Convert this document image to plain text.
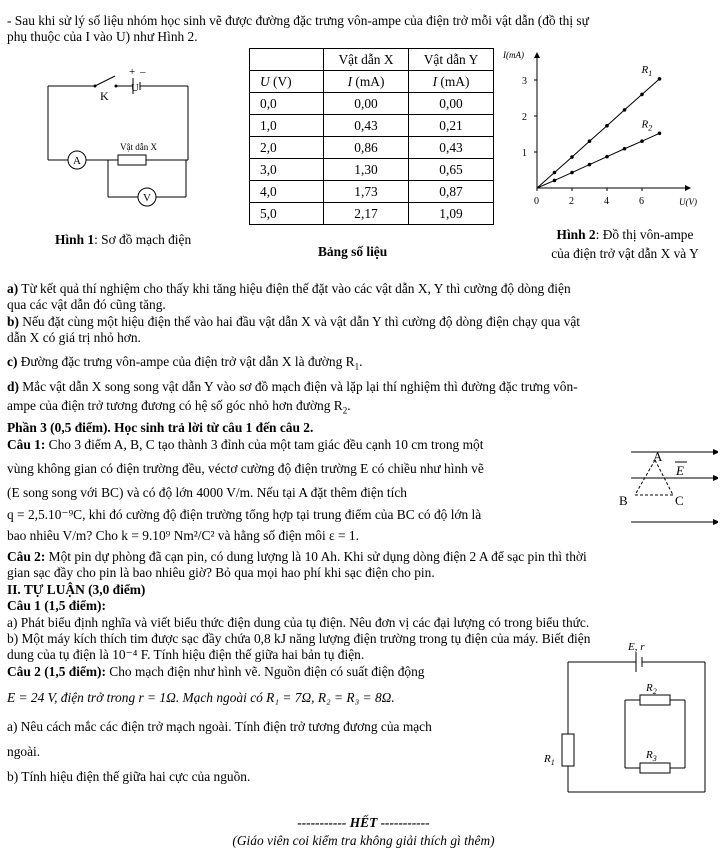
- Sau khi sử lý số liệu nhóm học sinh vẽ được đường đặc trưng vôn-ampe của điện trở mỗi vật dẫn (đồ thị sự
phụ thuộc của I vào U) như Hình 2.
K
+ –
U
Vật dẫn X
A
V
Hình 1: Sơ đồ mạch điện
	Vật dẫn X	Vật dẫn Y
U (V)	I (mA)	I (mA)
0,0	0,00	0,00
1,0	0,43	0,21
2,0	0,86	0,43
3,0	1,30	0,65
4,0	1,73	0,87
5,0	2,17	1,09
Bảng số liệu
I(mA)
U(V)
0	2	4	6
1
2
3
$R_1$
$R_2$
Hình 2: Đồ thị vôn-ampe
của điện trở vật dẫn X và Y
a) Từ kết quả thí nghiệm cho thấy khi tăng hiệu điện thế đặt vào các vật dẫn X, Y thì cường độ dòng điện
qua các vật dẫn đó cũng tăng.
b) Nếu đặt cùng một hiệu điện thế vào hai đầu vật dẫn X và vật dẫn Y thì cường độ dòng điện chạy qua vật
dẫn X có giá trị nhỏ hơn.
c) Đường đặc trưng vôn-ampe của điện trở vật dẫn X là đường $R_1$.
d) Mắc vật dẫn X song song vật dẫn Y vào sơ đồ mạch điện và lặp lại thí nghiệm thì đường đặc trưng vôn-
ampe của điện trở tương đương có hệ số góc nhỏ hơn đường $R_2$.
Phần 3 (0,5 điểm). Học sinh trả lời từ câu 1 đến câu 2.
Câu 1: Cho 3 điểm A, B, C tạo thành 3 đỉnh của một tam giác đều cạnh 10 cm trong một
vùng không gian có điện trường đều, véctơ cường độ điện trường E có chiều như hình vẽ
(E song song với BC) và có độ lớn 4000 V/m. Nếu tại A đặt thêm điện tích
q = 2,5.10⁻⁹C, khi đó cường độ điện trường tổng hợp tại trung điểm của BC có độ lớn là
bao nhiêu V/m? Cho k = 9.10⁹ Nm²/C² và hằng số điện môi ε = 1.
A
B	C
E
Câu 2: Một pin dự phòng đã cạn pin, có dung lượng là 10 Ah. Khi sử dụng dòng điện 2 A để sạc pin thì thời
gian sạc đầy cho pin là bao nhiêu giờ? Bỏ qua mọi hao phí khi sạc điện cho pin.
II. TỰ LUẬN (3,0 điểm)
Câu 1 (1,5 điểm):
a) Phát biểu định nghĩa và viết biểu thức điện dung của tụ điện. Nêu đơn vị các đại lượng có trong biểu thức.
b) Một máy kích thích tim được sạc đầy chứa 0,8 kJ năng lượng điện trường trong tụ điện của máy. Biết điện
dung của tụ điện là 10⁻⁴ F. Tính hiệu điện thế giữa hai bản tụ điện.
Câu 2 (1,5 điểm): Cho mạch điện như hình vẽ. Nguồn điện có suất điện động
E = 24 V, điện trở trong r = 1Ω. Mạch ngoài có R₁ = 7Ω, R₂ = R₃ = 8Ω.
a) Nêu cách mắc các điện trở mạch ngoài. Tính điện trở tương đương của mạch
ngoài.
b) Tính hiệu điện thế giữa hai cực của nguồn.
E, r
$R_1$
$R_2$
$R_3$
----------- HẾT -----------
(Giáo viên coi kiểm tra không giải thích gì thêm)
